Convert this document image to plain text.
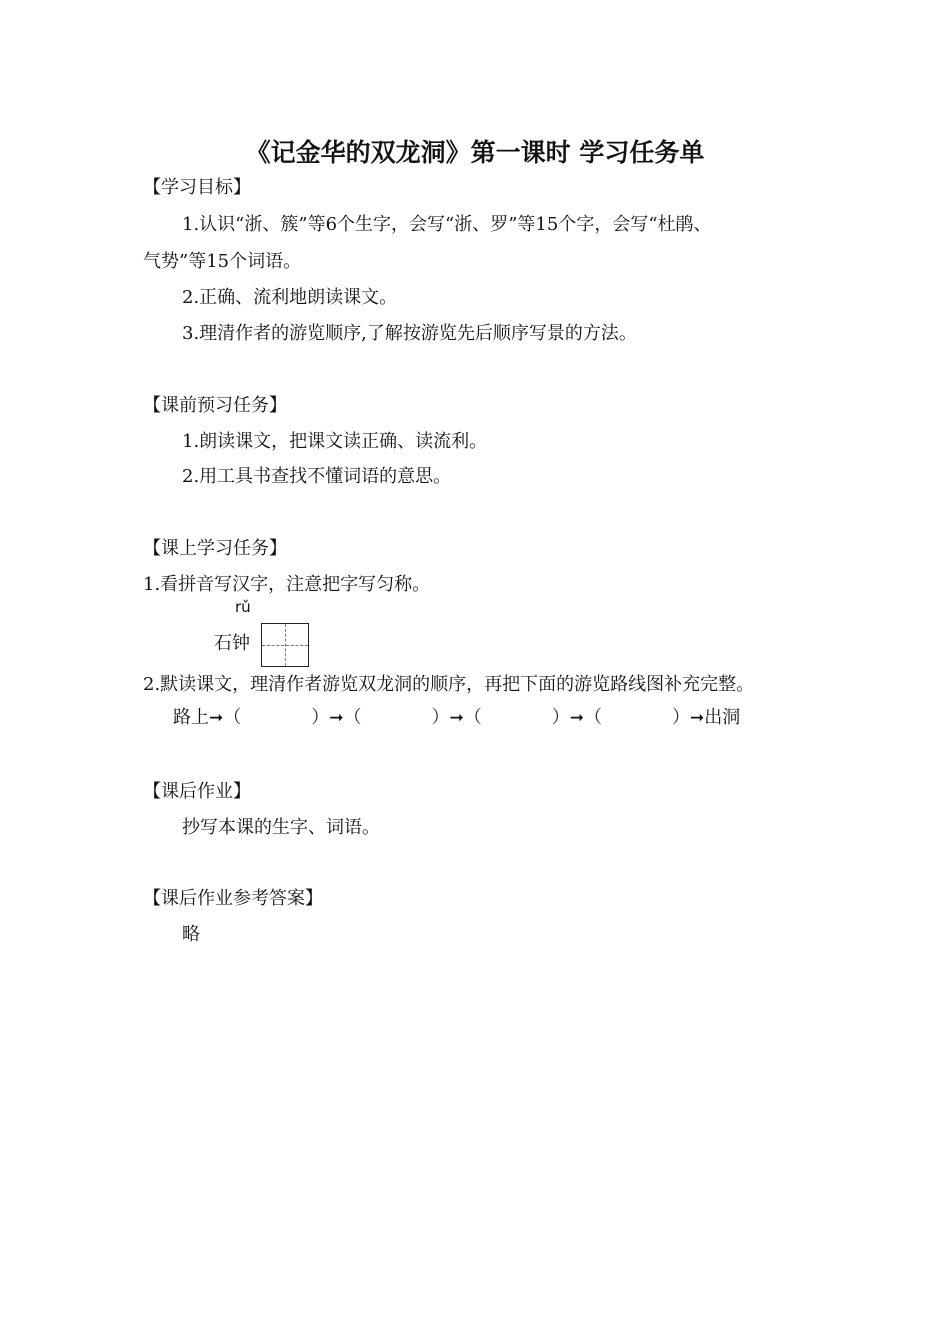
《记金华的双龙洞》第一课时 学习任务单
【学习目标】
1.认识“浙、簇”等6个生字，会写“浙、罗”等15个字，会写“杜鹃、
气势”等15个词语。
2.正确、流利地朗读课文。
3.理清作者的游览顺序,了解按游览先后顺序写景的方法。
【课前预习任务】
1.朗读课文，把课文读正确、读流利。
2.用工具书查找不懂词语的意思。
【课上学习任务】
1.看拼音写汉字，注意把字写匀称。
rǔ
石钟
2.默读课文，理清作者游览双龙洞的顺序，再把下面的游览路线图补充完整。
路上➞（	）➞（	）➞（	）➞（	）➞出洞
【课后作业】
抄写本课的生字、词语。
【课后作业参考答案】
略
